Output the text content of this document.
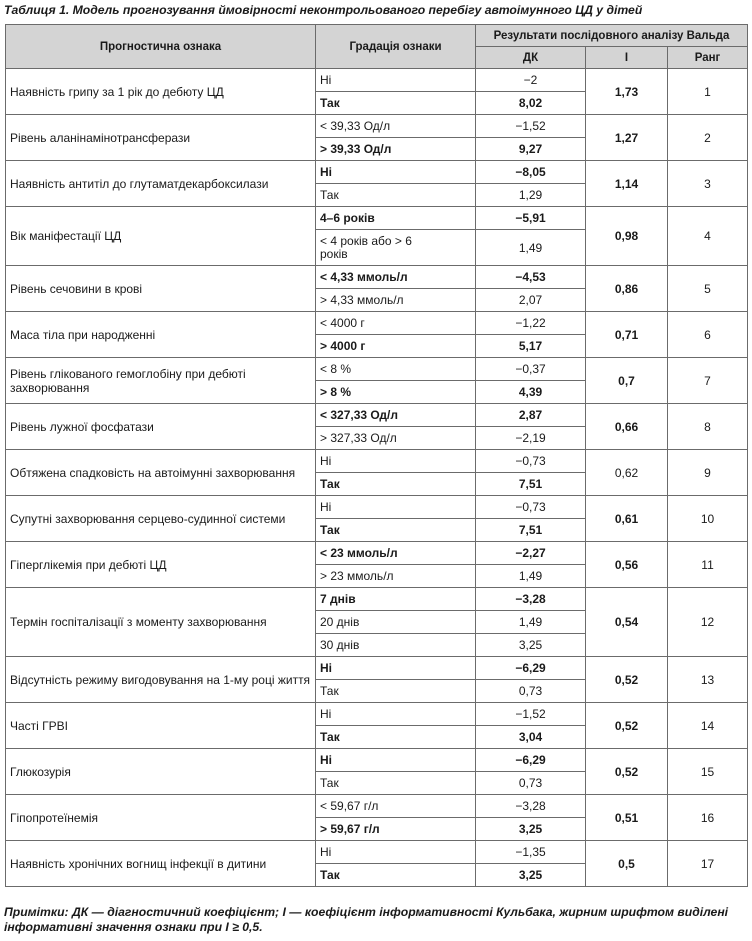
Таблиця 1. Модель прогнозування ймовірності неконтрольованого перебігу автоімунного ЦД у дітей
Прогностична ознака	Градація ознаки	Результати послідовного аналізу Вальда		
		ДК	I	Ранг
Наявність грипу за 1 рік до дебюту ЦД	Ні	−2	1,73	1
	Так	8,02		
Рівень аланінамінотрансферази	< 39,33 Од/л	−1,52	1,27	2
	> 39,33 Од/л	9,27		
Наявність антитіл до глутаматдекарбоксилази	Ні	−8,05	1,14	3
	Так	1,29		
Вік маніфестації ЦД	4–6 років	−5,91	0,98	4
	< 4 років або > 6 років	1,49		
Рівень сечовини в крові	< 4,33 ммоль/л	−4,53	0,86	5
	> 4,33 ммоль/л	2,07		
Маса тіла при народженні	< 4000 г	−1,22	0,71	6
	> 4000 г	5,17		
Рівень глікованого гемоглобіну при дебюті захворювання	< 8 %	−0,37	0,7	7
	> 8 %	4,39		
Рівень лужної фосфатази	< 327,33 Од/л	2,87	0,66	8
	> 327,33 Од/л	−2,19		
Обтяжена спадковість на автоімунні захворювання	Ні	−0,73	0,62	9
	Так	7,51		
Супутні захворювання серцево-судинної системи	Ні	−0,73	0,61	10
	Так	7,51		
Гіперглікемія при дебюті ЦД	< 23 ммоль/л	−2,27	0,56	11
	> 23 ммоль/л	1,49		
Термін госпіталізації з моменту захворювання	7 днів	−3,28	0,54	12
	20 днів	1,49		
	30 днів	3,25		
Відсутність режиму вигодовування на 1-му році життя	Ні	−6,29	0,52	13
	Так	0,73		
Часті ГРВІ	Ні	−1,52	0,52	14
	Так	3,04		
Глюкозурія	Ні	−6,29	0,52	15
	Так	0,73		
Гіпопротеїнемія	< 59,67 г/л	−3,28	0,51	16
	> 59,67 г/л	3,25		
Наявність хронічних вогнищ інфекції в дитини	Ні	−1,35	0,5	17
	Так	3,25		
Примітки: ДК — діагностичний коефіцієнт; I — коефіцієнт інформативності Кульбака, жирним шрифтом виділені інформативні значення ознаки при I ≥ 0,5.
